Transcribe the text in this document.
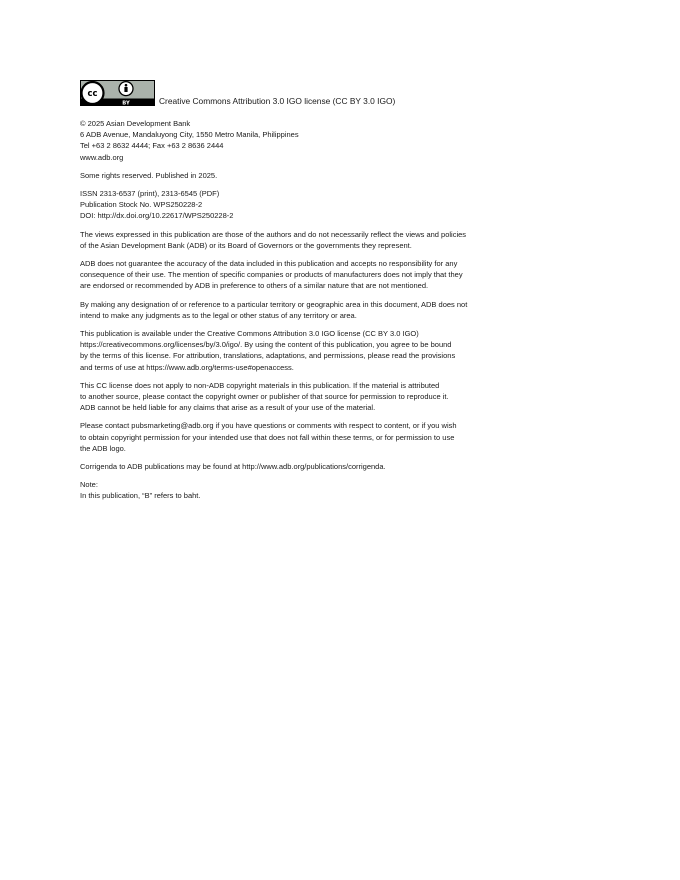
cc
BY	Creative Commons Attribution 3.0 IGO license (CC BY 3.0 IGO)

© 2025 Asian Development Bank
6 ADB Avenue, Mandaluyong City, 1550 Metro Manila, Philippines
Tel +63 2 8632 4444; Fax +63 2 8636 2444
www.adb.org

Some rights reserved. Published in 2025.

ISSN 2313-6537 (print), 2313-6545 (PDF)
Publication Stock No. WPS250228-2
DOI: http://dx.doi.org/10.22617/WPS250228-2

The views expressed in this publication are those of the authors and do not necessarily reflect the views and policies
of the Asian Development Bank (ADB) or its Board of Governors or the governments they represent.

ADB does not guarantee the accuracy of the data included in this publication and accepts no responsibility for any
consequence of their use. The mention of specific companies or products of manufacturers does not imply that they
are endorsed or recommended by ADB in preference to others of a similar nature that are not mentioned.

By making any designation of or reference to a particular territory or geographic area in this document, ADB does not
intend to make any judgments as to the legal or other status of any territory or area.

This publication is available under the Creative Commons Attribution 3.0 IGO license (CC BY 3.0 IGO)
https://creativecommons.org/licenses/by/3.0/igo/. By using the content of this publication, you agree to be bound
by the terms of this license. For attribution, translations, adaptations, and permissions, please read the provisions
and terms of use at https://www.adb.org/terms-use#openaccess.

This CC license does not apply to non-ADB copyright materials in this publication. If the material is attributed
to another source, please contact the copyright owner or publisher of that source for permission to reproduce it.
ADB cannot be held liable for any claims that arise as a result of your use of the material.

Please contact pubsmarketing@adb.org if you have questions or comments with respect to content, or if you wish
to obtain copyright permission for your intended use that does not fall within these terms, or for permission to use
the ADB logo.

Corrigenda to ADB publications may be found at http://www.adb.org/publications/corrigenda.

Note:
In this publication, “B” refers to baht.
